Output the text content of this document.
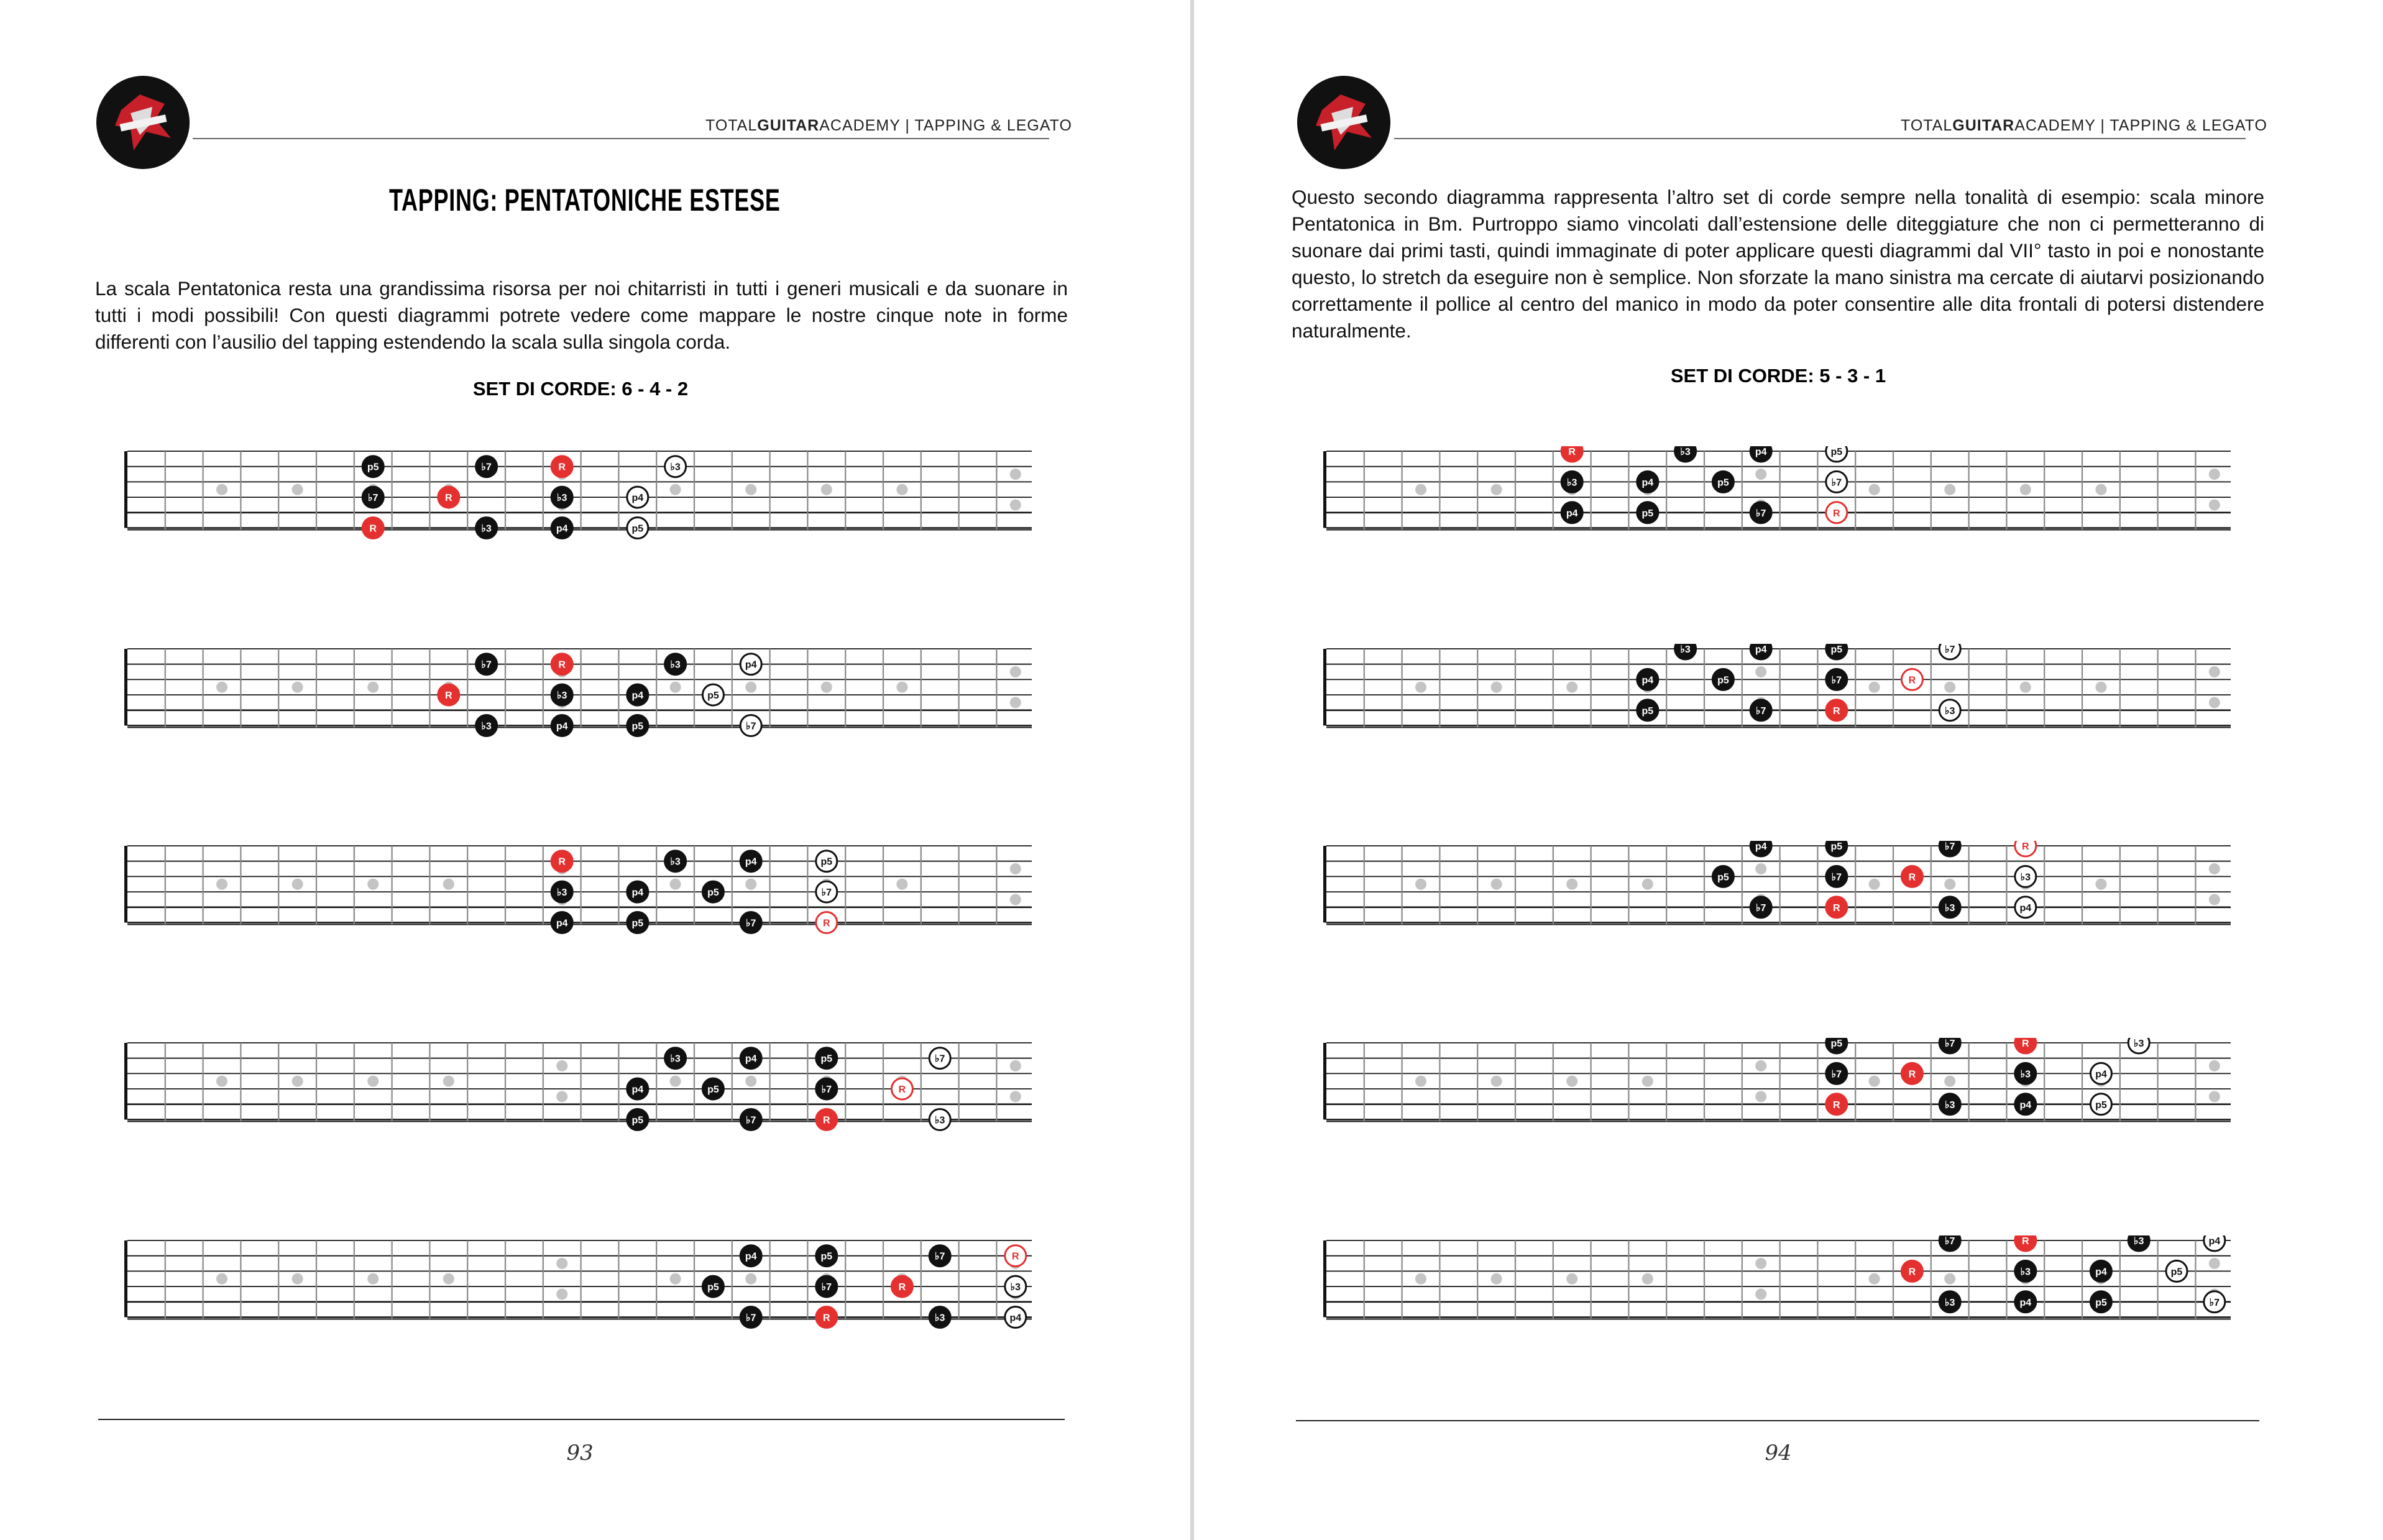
TOTALGUITARACADEMY | TAPPING & LEGATO
TAPPING: PENTATONICHE ESTESE

La scala Pentatonica resta una grandissima risorsa per noi chitarristi in tutti i generi musicali e da suonare in tutti i modi possibili! Con questi diagrammi potrete vedere come mappare le nostre cinque note in forme differenti con l’ausilio del tapping estendendo la scala sulla singola corda.

SET DI CORDE: 6 - 4 - 2
p5	♭7	R	♭3
♭7	R	♭3	p4
R	♭3	p4	p5
♭7	R	♭3	p4
R	♭3	p4	p5
♭3	p4	p5	♭7
R	♭3	p4	p5
♭3	p4	p5	♭7
p4	p5	♭7	R
♭3	p4	p5	♭7
p4	p5	♭7	R
p5	♭7	R	♭3
p4	p5	♭7	R
p5	♭7	R	♭3
♭7	R	♭3	p4
93
TOTALGUITARACADEMY | TAPPING & LEGATO

Questo secondo diagramma rappresenta l’altro set di corde sempre nella tonalità di esempio: scala minore Pentatonica in Bm. Purtroppo siamo vincolati dall’estensione delle diteggiature che non ci permetteranno di suonare dai primi tasti, quindi immaginate di poter applicare questi diagrammi dal VII° tasto in poi e nonostante questo, lo stretch da eseguire non è semplice. Non sforzate la mano sinistra ma cercate di aiutarvi posizionando correttamente il pollice al centro del manico in modo da poter consentire alle dita frontali di potersi distendere naturalmente.

SET DI CORDE: 5 - 3 - 1
R	♭3	p4	p5
♭3	p4	p5	♭7
p4	p5	♭7	R
♭3	p4	p5	♭7
p4	p5	♭7	R
p5	♭7	R	♭3
p4	p5	♭7	R
p5	♭7	R	♭3
♭7	R	♭3	p4
p5	♭7	R	♭3
♭7	R	♭3	p4
R	♭3	p4	p5
♭7	R	♭3	p4
R	♭3	p4	p5
♭3	p4	p5	♭7
94
